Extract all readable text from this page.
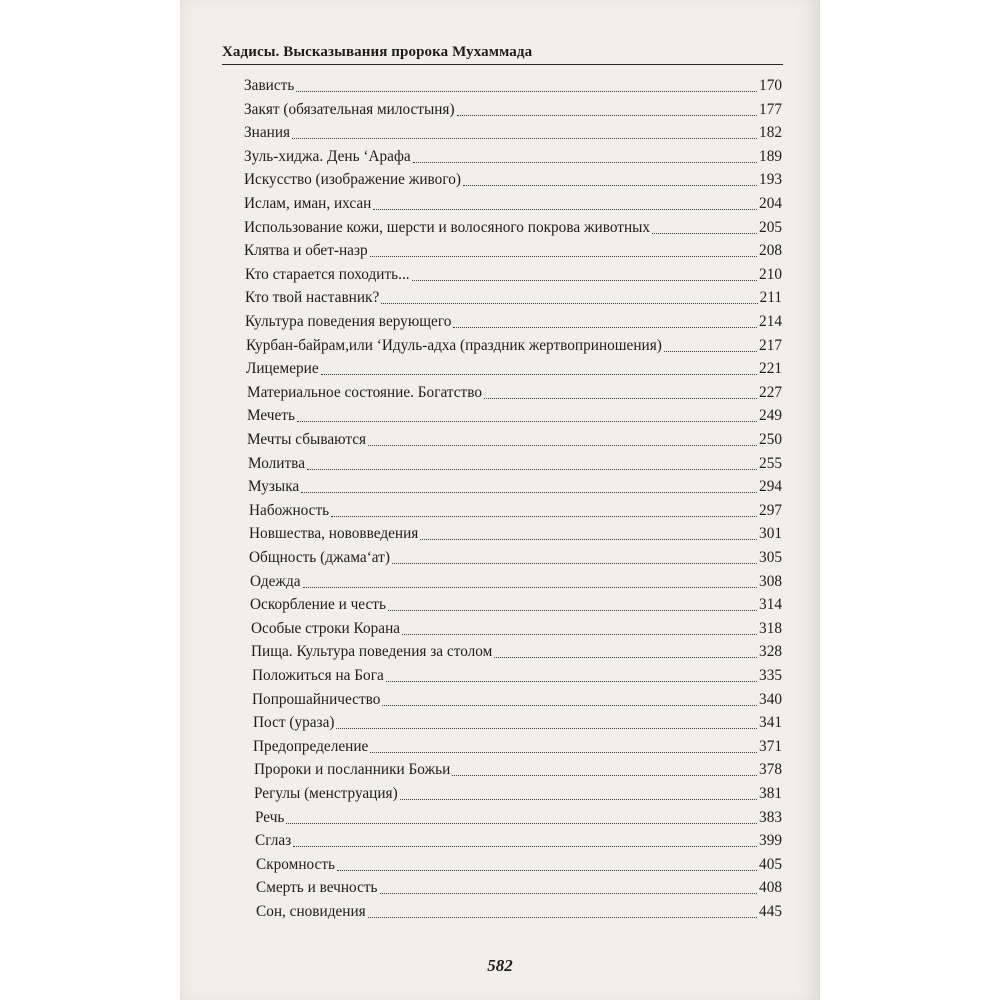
Хадисы. Высказывания пророка Мухаммада
Зависть	170
Закят (обязательная милостыня)	177
Знания	182
Зуль-хиджа. День ‘Арафа	189
Искусство (изображение живого)	193
Ислам, иман, ихсан	204
Использование кожи, шерсти и волосяного покрова животных	205
Клятва и обет-назр	208
Кто старается походить...	210
Кто твой наставник?	211
Культура поведения верующего	214
Курбан-байрам,или ‘Идуль-адха (праздник жертвоприношения)	217
Лицемерие	221
Материальное состояние. Богатство	227
Мечеть	249
Мечты сбываются	250
Молитва	255
Музыка	294
Набожность	297
Новшества, нововведения	301
Общность (джама‘ат)	305
Одежда	308
Оскорбление и честь	314
Особые строки Корана	318
Пища. Культура поведения за столом	328
Положиться на Бога	335
Попрошайничество	340
Пост (ураза)	341
Предопределение	371
Пророки и посланники Божьи	378
Регулы (менструация)	381
Речь	383
Сглаз	399
Скромность	405
Смерть и вечность	408
Сон, сновидения	445
582
